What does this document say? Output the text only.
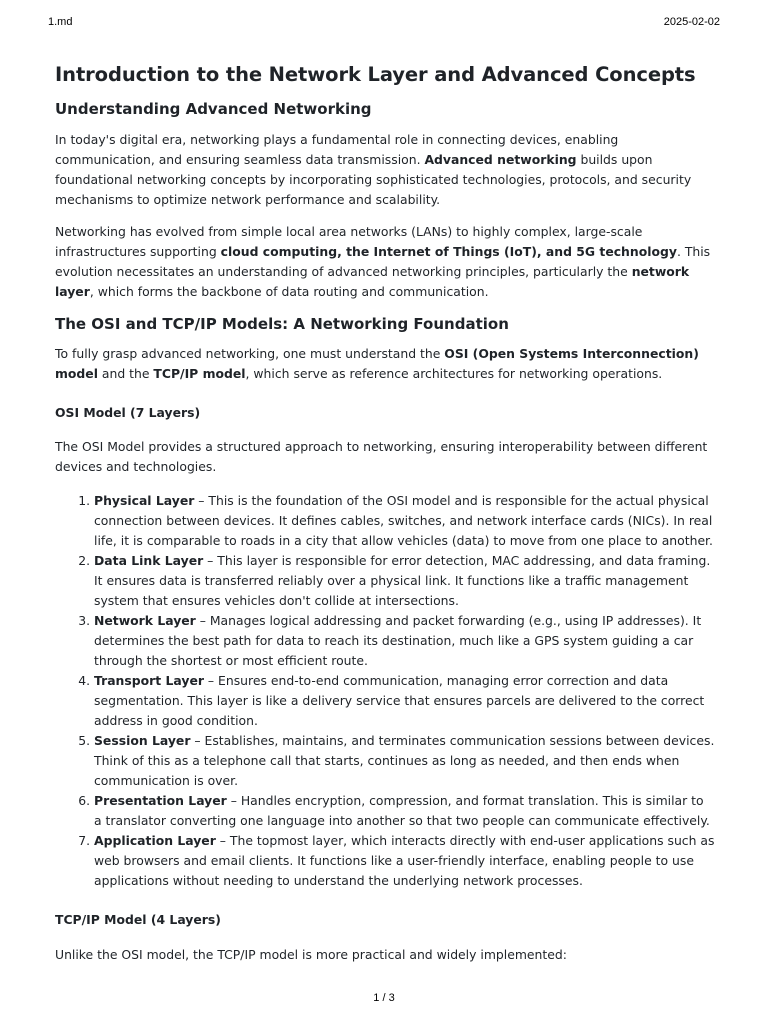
1.md	2025-02-02
Introduction to the Network Layer and Advanced Concepts
Understanding Advanced Networking

In today's digital era, networking plays a fundamental role in connecting devices, enabling communication, and ensuring seamless data transmission. Advanced networking builds upon foundational networking concepts by incorporating sophisticated technologies, protocols, and security mechanisms to optimize network performance and scalability.

Networking has evolved from simple local area networks (LANs) to highly complex, large-scale infrastructures supporting cloud computing, the Internet of Things (IoT), and 5G technology. This evolution necessitates an understanding of advanced networking principles, particularly the network layer, which forms the backbone of data routing and communication.

The OSI and TCP/IP Models: A Networking Foundation

To fully grasp advanced networking, one must understand the OSI (Open Systems Interconnection) model and the TCP/IP model, which serve as reference architectures for networking operations.

OSI Model (7 Layers)

The OSI Model provides a structured approach to networking, ensuring interoperability between different devices and technologies.

1. Physical Layer – This is the foundation of the OSI model and is responsible for the actual physical connection between devices. It defines cables, switches, and network interface cards (NICs). In real life, it is comparable to roads in a city that allow vehicles (data) to move from one place to another.
2. Data Link Layer – This layer is responsible for error detection, MAC addressing, and data framing. It ensures data is transferred reliably over a physical link. It functions like a traffic management system that ensures vehicles don't collide at intersections.
3. Network Layer – Manages logical addressing and packet forwarding (e.g., using IP addresses). It determines the best path for data to reach its destination, much like a GPS system guiding a car through the shortest or most efficient route.
4. Transport Layer – Ensures end-to-end communication, managing error correction and data segmentation. This layer is like a delivery service that ensures parcels are delivered to the correct address in good condition.
5. Session Layer – Establishes, maintains, and terminates communication sessions between devices. Think of this as a telephone call that starts, continues as long as needed, and then ends when communication is over.
6. Presentation Layer – Handles encryption, compression, and format translation. This is similar to a translator converting one language into another so that two people can communicate effectively.
7. Application Layer – The topmost layer, which interacts directly with end-user applications such as web browsers and email clients. It functions like a user-friendly interface, enabling people to use applications without needing to understand the underlying network processes.
TCP/IP Model (4 Layers)

Unlike the OSI model, the TCP/IP model is more practical and widely implemented:

1 / 3
